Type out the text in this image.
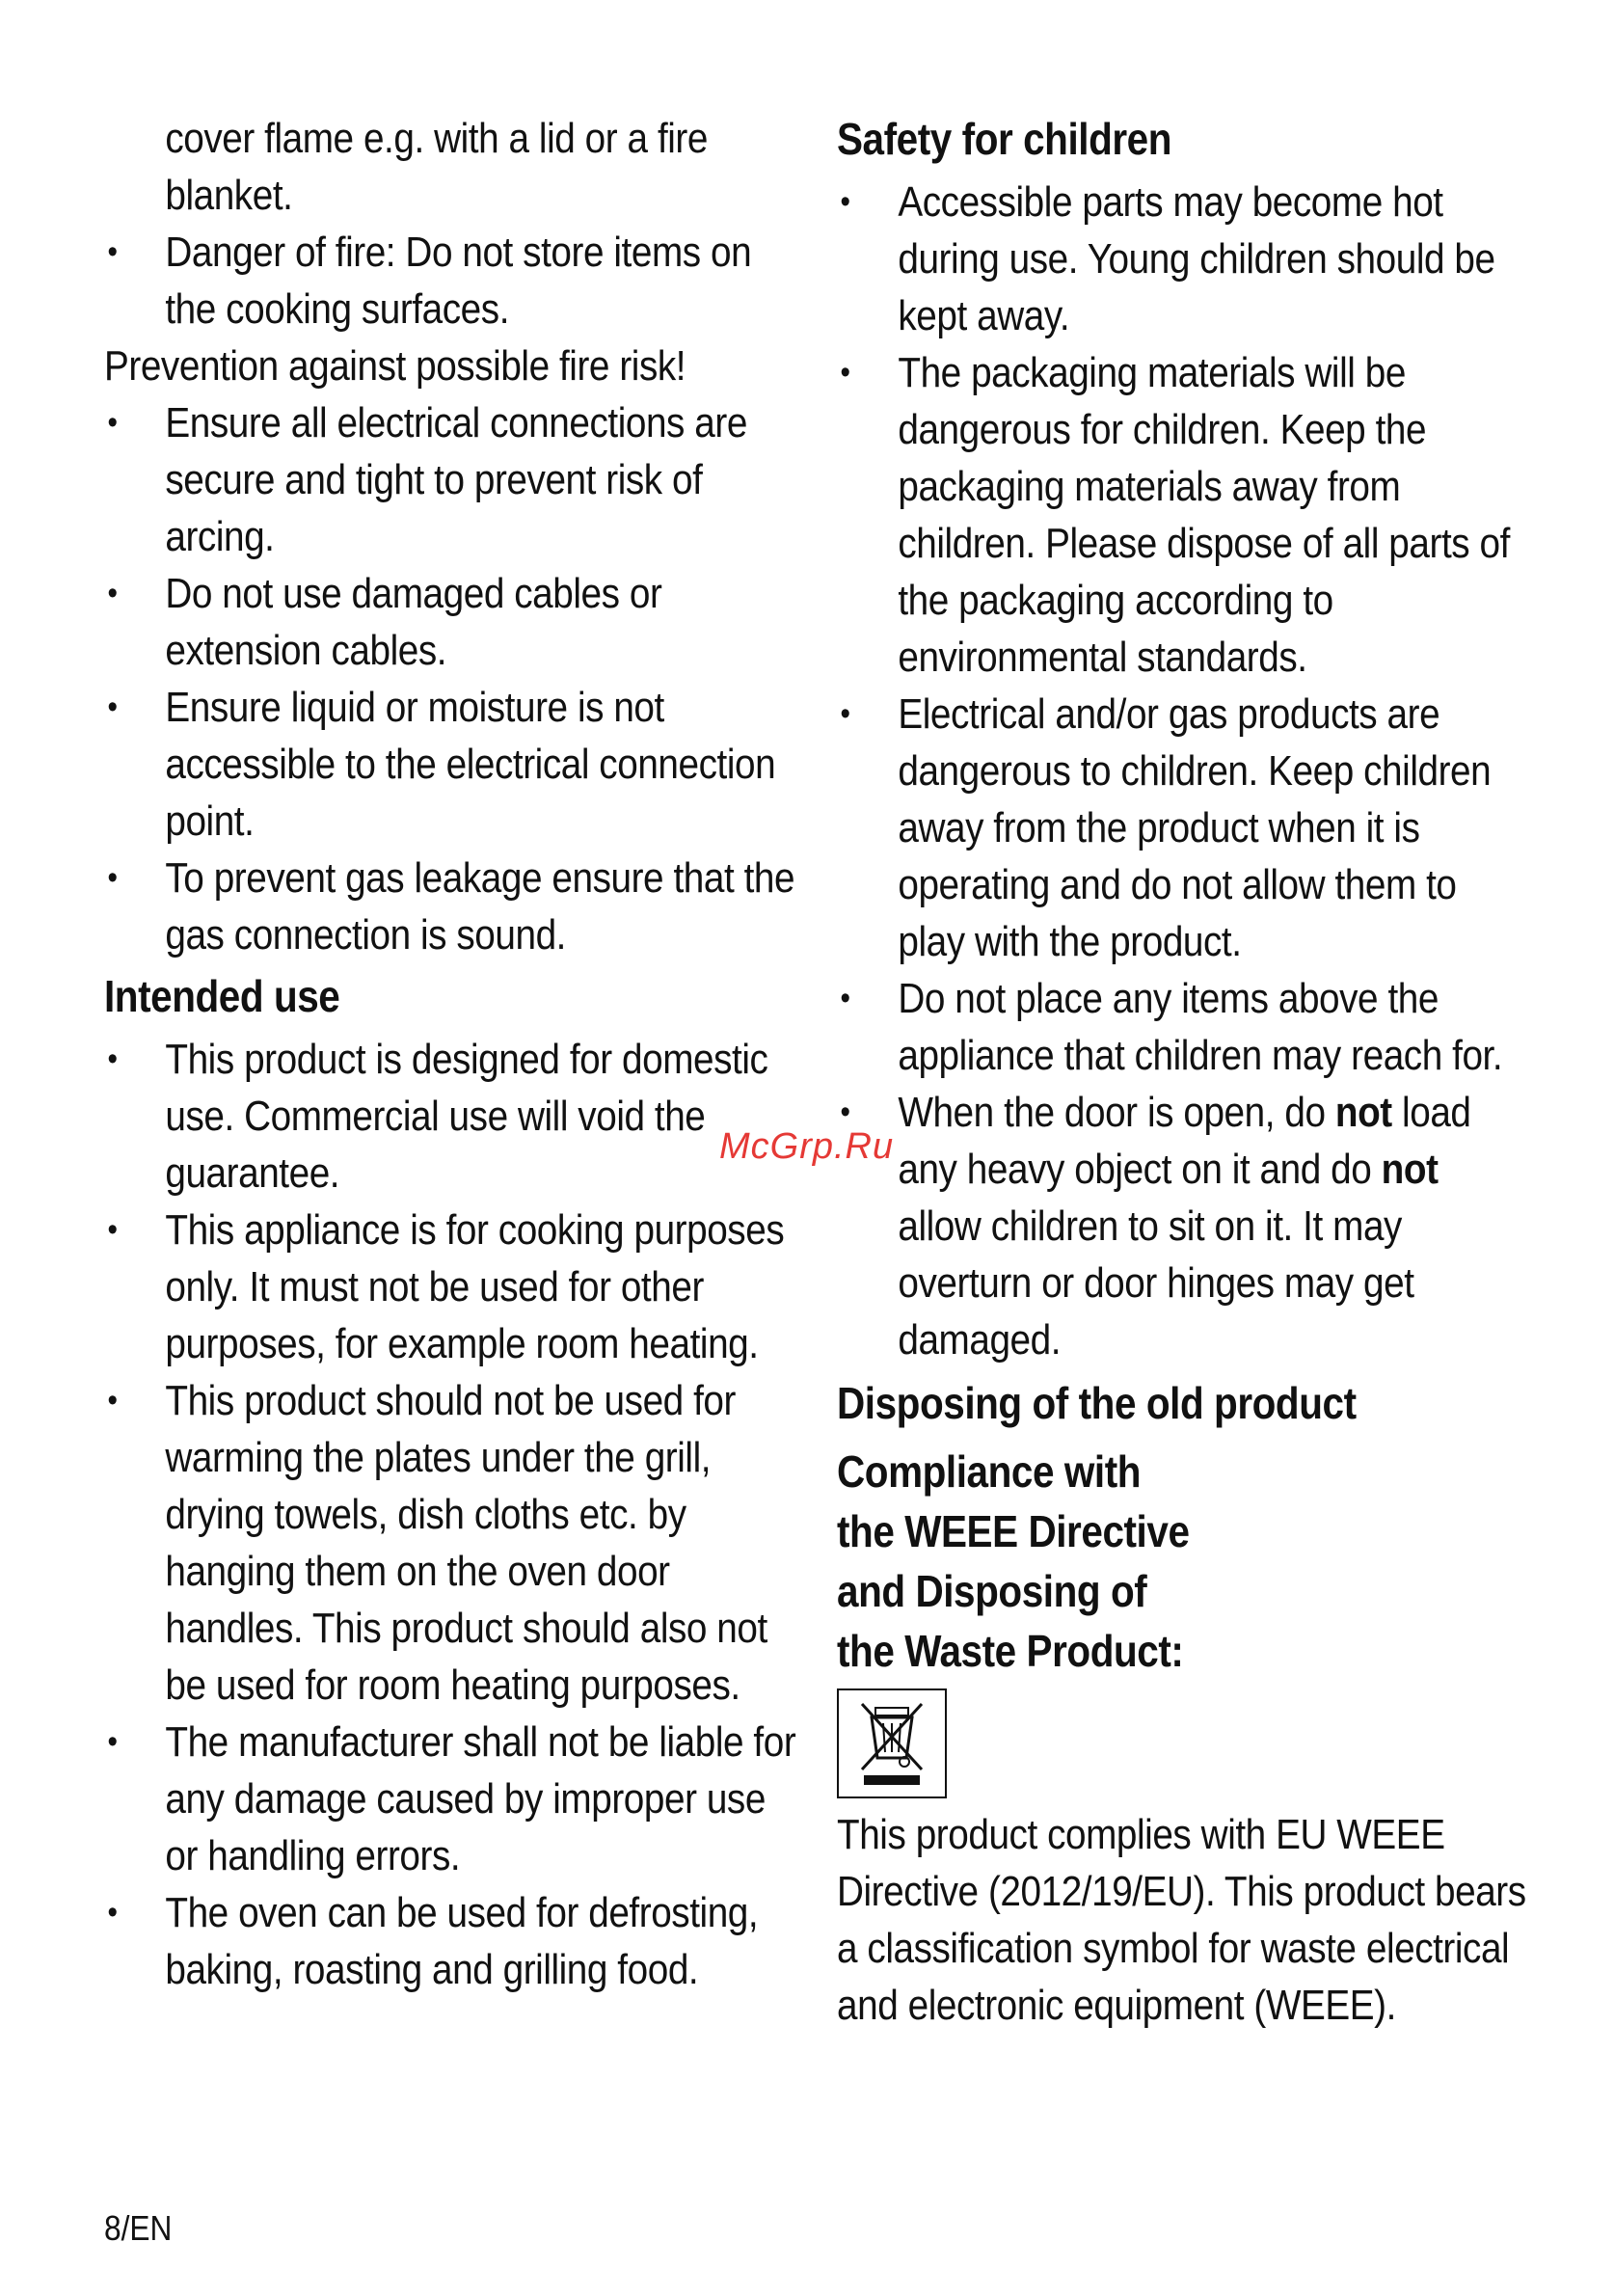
cover flame e.g. with a lid or a fire blanket.
• Danger of fire: Do not store items on the cooking surfaces.
Prevention against possible fire risk!
• Ensure all electrical connections are secure and tight to prevent risk of arcing.
• Do not use damaged cables or extension cables.
• Ensure liquid or moisture is not accessible to the electrical connection point.
• To prevent gas leakage ensure that the gas connection is sound.
Intended use
• This product is designed for domestic use. Commercial use will void the guarantee.
• This appliance is for cooking purposes only. It must not be used for other purposes, for example room heating.
• This product should not be used for warming the plates under the grill, drying towels, dish cloths etc. by hanging them on the oven door handles. This product should also not be used for room heating purposes.
• The manufacturer shall not be liable for any damage caused by improper use or handling errors.
• The oven can be used for defrosting, baking, roasting and grilling food.
Safety for children
• Accessible parts may become hot during use. Young children should be kept away.
• The packaging materials will be dangerous for children. Keep the packaging materials away from children. Please dispose of all parts of the packaging according to environmental standards.
• Electrical and/or gas products are dangerous to children. Keep children away from the product when it is operating and do not allow them to play with the product.
• Do not place any items above the appliance that children may reach for.
• When the door is open, do not load any heavy object on it and do not allow children to sit on it. It may overturn or door hinges may get damaged.
Disposing of the old product
Compliance with the WEEE Directive and Disposing of the Waste Product:
This product complies with EU WEEE Directive (2012/19/EU). This product bears a classification symbol for waste electrical and electronic equipment (WEEE).
McGrp.Ru
8/EN
